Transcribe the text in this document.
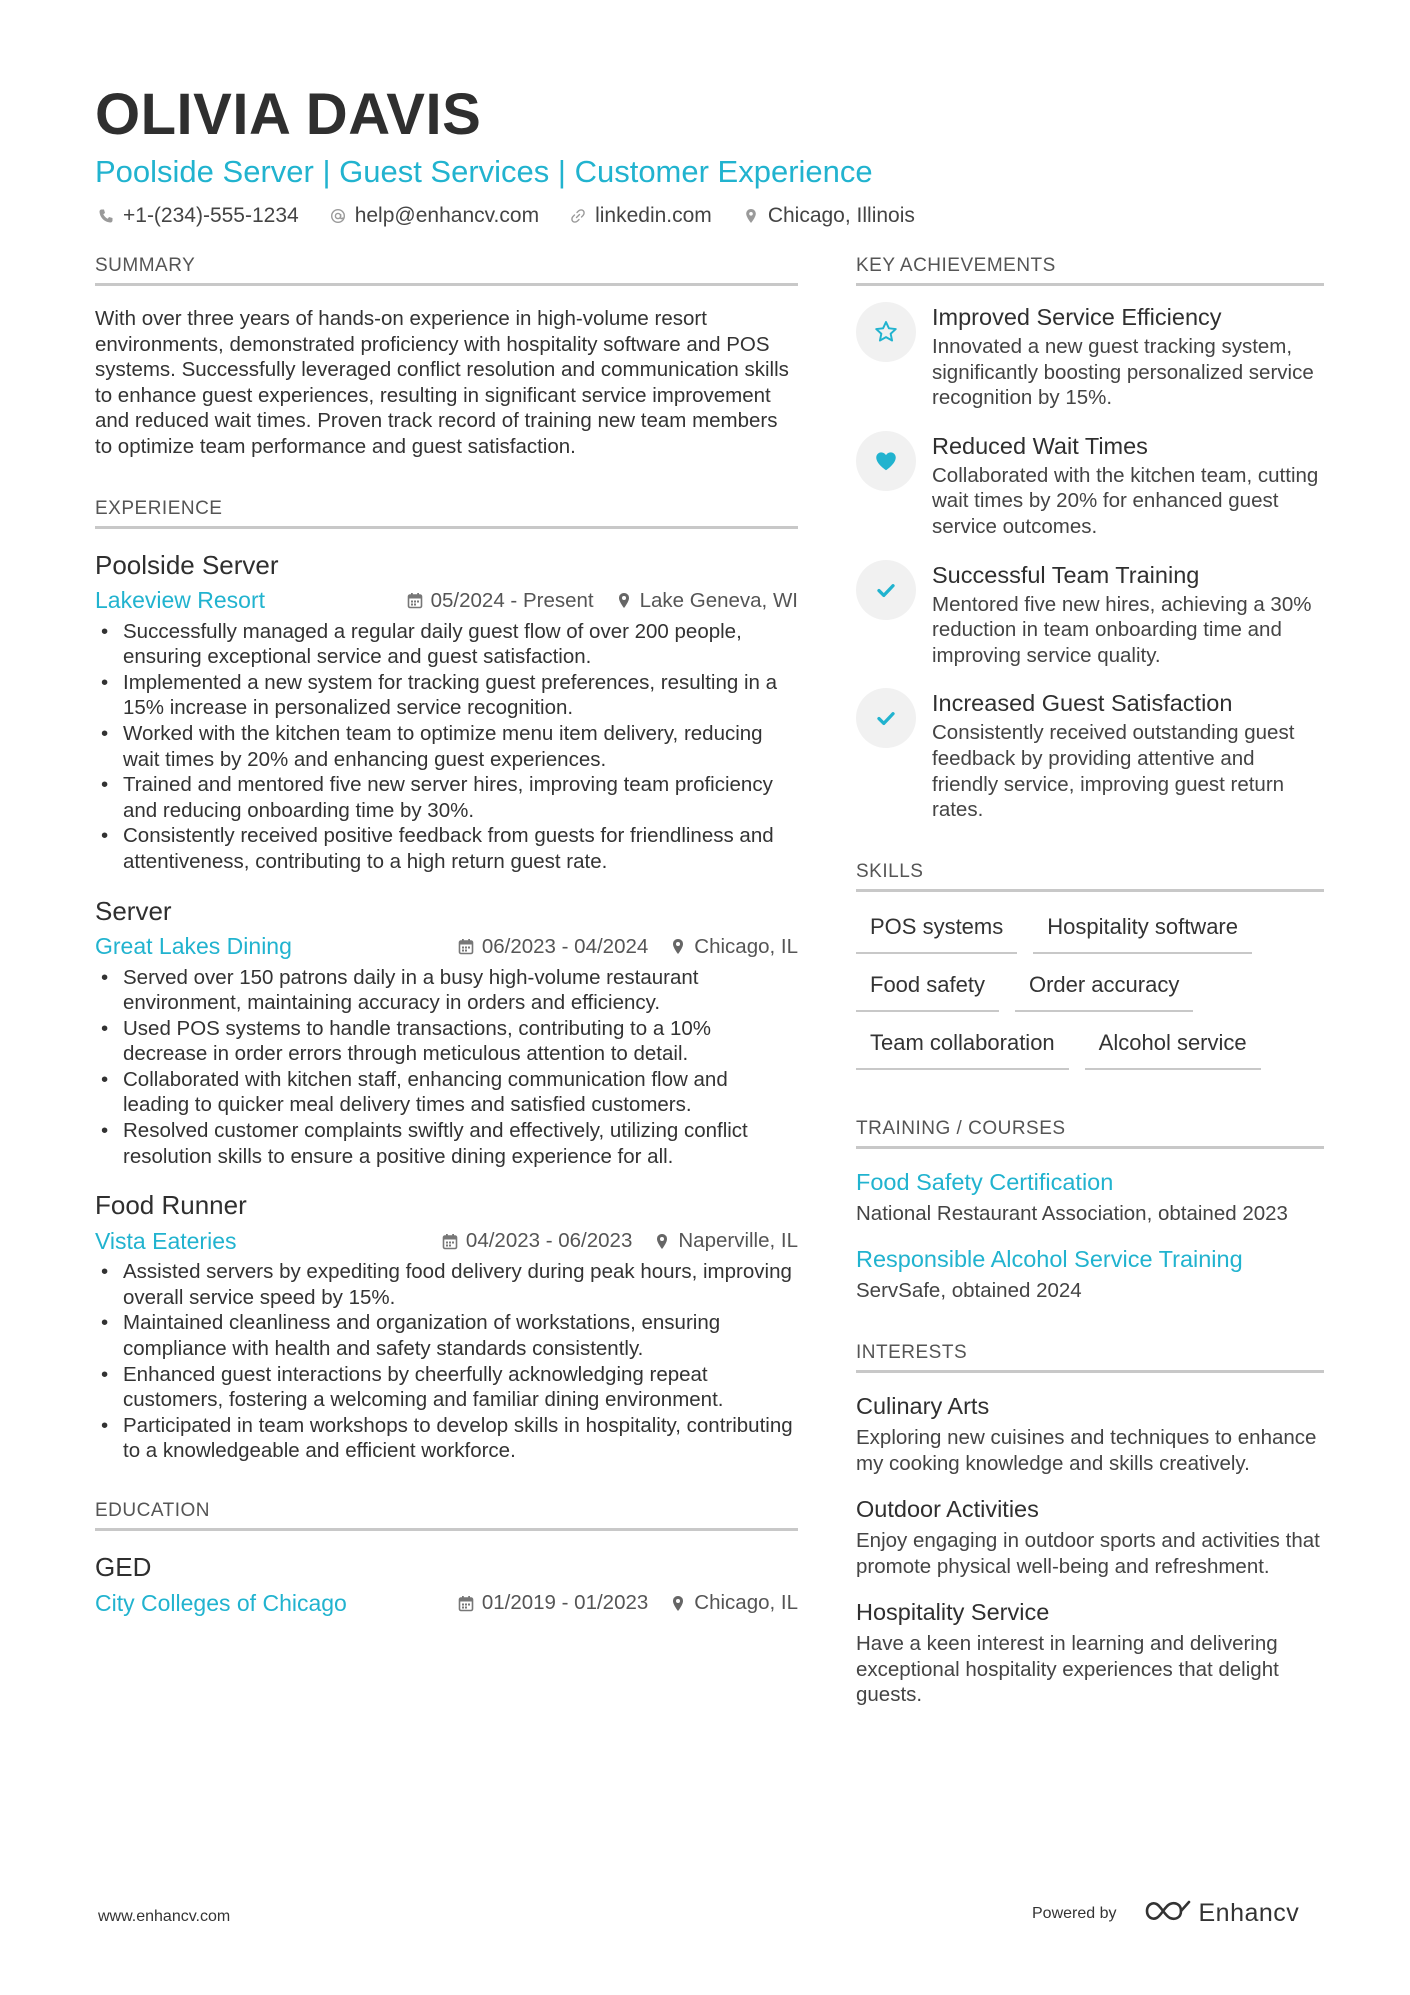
OLIVIA DAVIS
Poolside Server | Guest Services | Customer Experience
+1-(234)-555-1234	help@enhancv.com	linkedin.com	Chicago, Illinois
SUMMARY
With over three years of hands-on experience in high-volume resort environments, demonstrated proficiency with hospitality software and POS systems. Successfully leveraged conflict resolution and communication skills to enhance guest experiences, resulting in significant service improvement and reduced wait times. Proven track record of training new team members to optimize team performance and guest satisfaction.
EXPERIENCE
Poolside Server
Lakeview Resort	05/2024 - Present Lake Geneva, WI
• Successfully managed a regular daily guest flow of over 200 people, ensuring exceptional service and guest satisfaction.
• Implemented a new system for tracking guest preferences, resulting in a 15% increase in personalized service recognition.
• Worked with the kitchen team to optimize menu item delivery, reducing wait times by 20% and enhancing guest experiences.
• Trained and mentored five new server hires, improving team proficiency and reducing onboarding time by 30%.
• Consistently received positive feedback from guests for friendliness and attentiveness, contributing to a high return guest rate.
Server
Great Lakes Dining	06/2023 - 04/2024 Chicago, IL
• Served over 150 patrons daily in a busy high-volume restaurant environment, maintaining accuracy in orders and efficiency.
• Used POS systems to handle transactions, contributing to a 10% decrease in order errors through meticulous attention to detail.
• Collaborated with kitchen staff, enhancing communication flow and leading to quicker meal delivery times and satisfied customers.
• Resolved customer complaints swiftly and effectively, utilizing conflict resolution skills to ensure a positive dining experience for all.
Food Runner
Vista Eateries	04/2023 - 06/2023 Naperville, IL
• Assisted servers by expediting food delivery during peak hours, improving overall service speed by 15%.
• Maintained cleanliness and organization of workstations, ensuring compliance with health and safety standards consistently.
• Enhanced guest interactions by cheerfully acknowledging repeat customers, fostering a welcoming and familiar dining environment.
• Participated in team workshops to develop skills in hospitality, contributing to a knowledgeable and efficient workforce.
EDUCATION
GED
City Colleges of Chicago	01/2019 - 01/2023 Chicago, IL
KEY ACHIEVEMENTS
Improved Service Efficiency
Innovated a new guest tracking system, significantly boosting personalized service recognition by 15%.
Reduced Wait Times
Collaborated with the kitchen team, cutting wait times by 20% for enhanced guest service outcomes.
Successful Team Training
Mentored five new hires, achieving a 30% reduction in team onboarding time and improving service quality.
Increased Guest Satisfaction
Consistently received outstanding guest feedback by providing attentive and friendly service, improving guest return rates.
SKILLS
POS systems	Hospitality software
Food safety	Order accuracy
Team collaboration	Alcohol service
TRAINING / COURSES
Food Safety Certification
National Restaurant Association, obtained 2023
Responsible Alcohol Service Training
ServSafe, obtained 2024
INTERESTS
Culinary Arts
Exploring new cuisines and techniques to enhance my cooking knowledge and skills creatively.
Outdoor Activities
Enjoy engaging in outdoor sports and activities that promote physical well-being and refreshment.
Hospitality Service
Have a keen interest in learning and delivering exceptional hospitality experiences that delight guests.
www.enhancv.com	Powered by	Enhancv
